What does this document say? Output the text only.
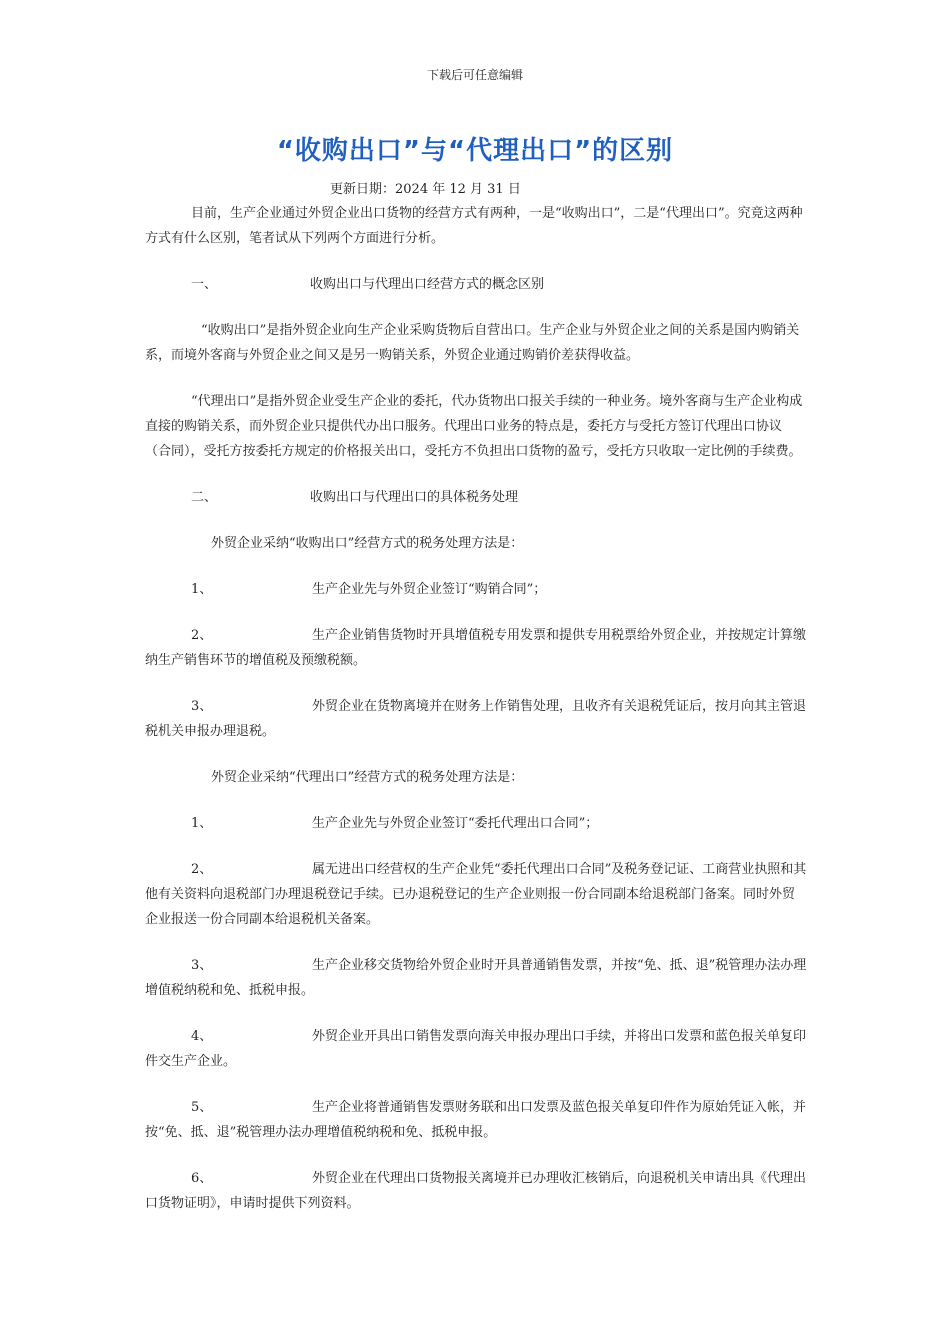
下载后可任意编辑
“收购出口”与“代理出口”的区别
更新日期：2024 年 12 月 31 日

目前，生产企业通过外贸企业出口货物的经营方式有两种，一是“收购出口”，二是“代理出口”。究竟这两种方式有什么区别，笔者试从下列两个方面进行分析。

一、	收购出口与代理出口经营方式的概念区别

“收购出口”是指外贸企业向生产企业采购货物后自营出口。生产企业与外贸企业之间的关系是国内购销关系，而境外客商与外贸企业之间又是另一购销关系，外贸企业通过购销价差获得收益。

“代理出口”是指外贸企业受生产企业的委托，代办货物出口报关手续的一种业务。境外客商与生产企业构成直接的购销关系，而外贸企业只提供代办出口服务。代理出口业务的特点是，委托方与受托方签订代理出口协议（合同），受托方按委托方规定的价格报关出口，受托方不负担出口货物的盈亏，受托方只收取一定比例的手续费。

二、	收购出口与代理出口的具体税务处理

外贸企业采纳“收购出口”经营方式的税务处理方法是：

1、	生产企业先与外贸企业签订“购销合同”；

2、	生产企业销售货物时开具增值税专用发票和提供专用税票给外贸企业，并按规定计算缴纳生产销售环节的增值税及预缴税额。

3、	外贸企业在货物离境并在财务上作销售处理，且收齐有关退税凭证后，按月向其主管退税机关申报办理退税。

外贸企业采纳“代理出口”经营方式的税务处理方法是：

1、	生产企业先与外贸企业签订“委托代理出口合同”；

2、	属无进出口经营权的生产企业凭“委托代理出口合同”及税务登记证、工商营业执照和其他有关资料向退税部门办理退税登记手续。已办退税登记的生产企业则报一份合同副本给退税部门备案。同时外贸企业报送一份合同副本给退税机关备案。

3、	生产企业移交货物给外贸企业时开具普通销售发票，并按“免、抵、退”税管理办法办理增值税纳税和免、抵税申报。

4、	外贸企业开具出口销售发票向海关申报办理出口手续，并将出口发票和蓝色报关单复印件交生产企业。

5、	生产企业将普通销售发票财务联和出口发票及蓝色报关单复印件作为原始凭证入帐，并按“免、抵、退”税管理办法办理增值税纳税和免、抵税申报。

6、	外贸企业在代理出口货物报关离境并已办理收汇核销后，向退税机关申请出具《代理出口货物证明》，申请时提供下列资料。
